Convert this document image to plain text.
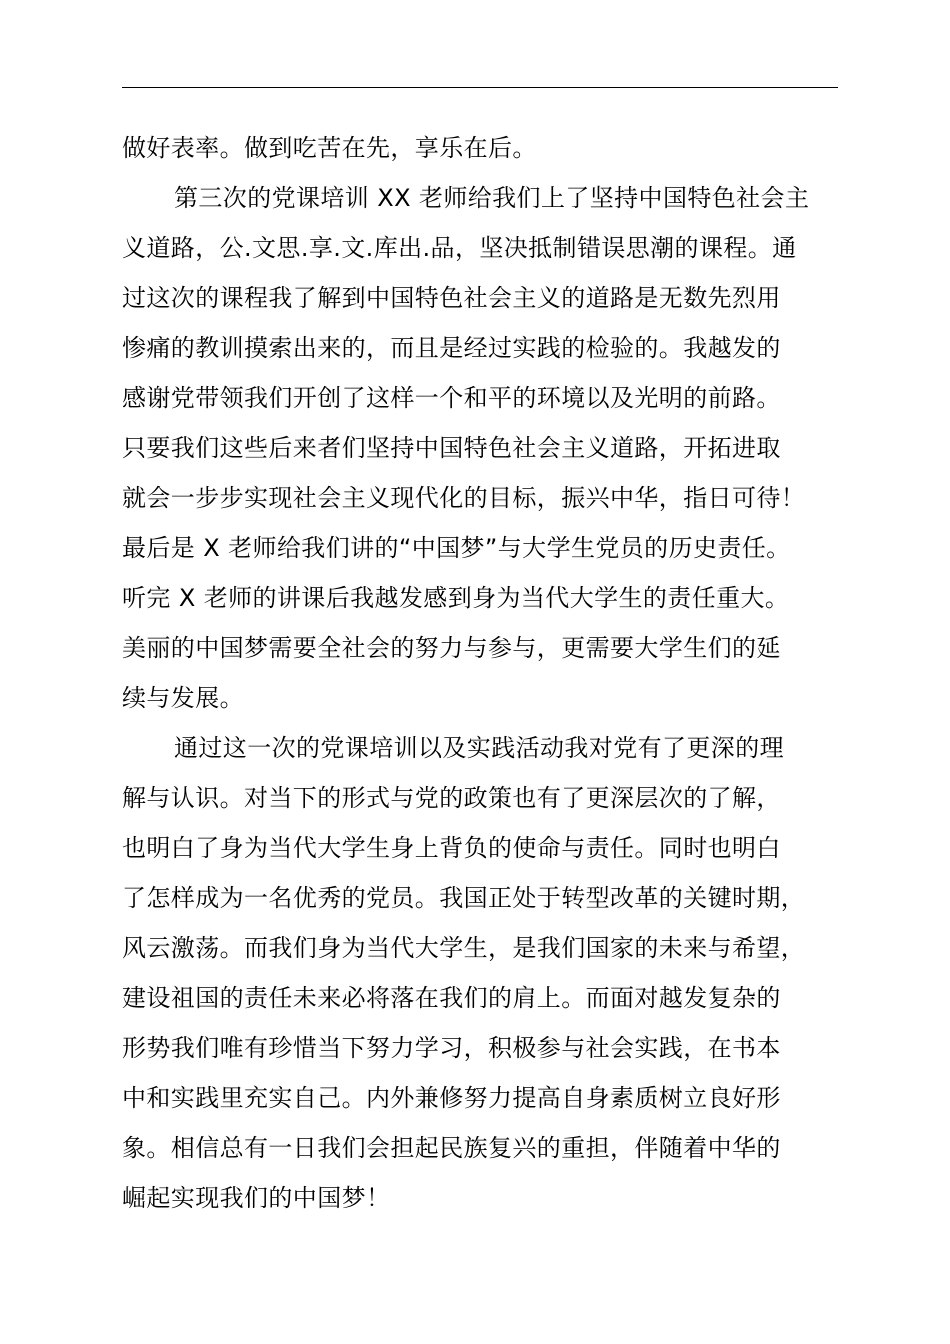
做好表率。做到吃苦在先，享乐在后。
第三次的党课培训 XX 老师给我们上了坚持中国特色社会主
义道路，公.文思.享.文.库出.品，坚决抵制错误思潮的课程。通
过这次的课程我了解到中国特色社会主义的道路是无数先烈用
惨痛的教训摸索出来的，而且是经过实践的检验的。我越发的
感谢党带领我们开创了这样一个和平的环境以及光明的前路。
只要我们这些后来者们坚持中国特色社会主义道路，开拓进取
就会一步步实现社会主义现代化的目标，振兴中华，指日可待！
最后是 X 老师给我们讲的“中国梦”与大学生党员的历史责任。
听完 X 老师的讲课后我越发感到身为当代大学生的责任重大。
美丽的中国梦需要全社会的努力与参与，更需要大学生们的延
续与发展。
通过这一次的党课培训以及实践活动我对党有了更深的理
解与认识。对当下的形式与党的政策也有了更深层次的了解，
也明白了身为当代大学生身上背负的使命与责任。同时也明白
了怎样成为一名优秀的党员。我国正处于转型改革的关键时期，
风云激荡。而我们身为当代大学生，是我们国家的未来与希望，
建设祖国的责任未来必将落在我们的肩上。而面对越发复杂的
形势我们唯有珍惜当下努力学习，积极参与社会实践，在书本
中和实践里充实自己。内外兼修努力提高自身素质树立良好形
象。相信总有一日我们会担起民族复兴的重担，伴随着中华的
崛起实现我们的中国梦！
